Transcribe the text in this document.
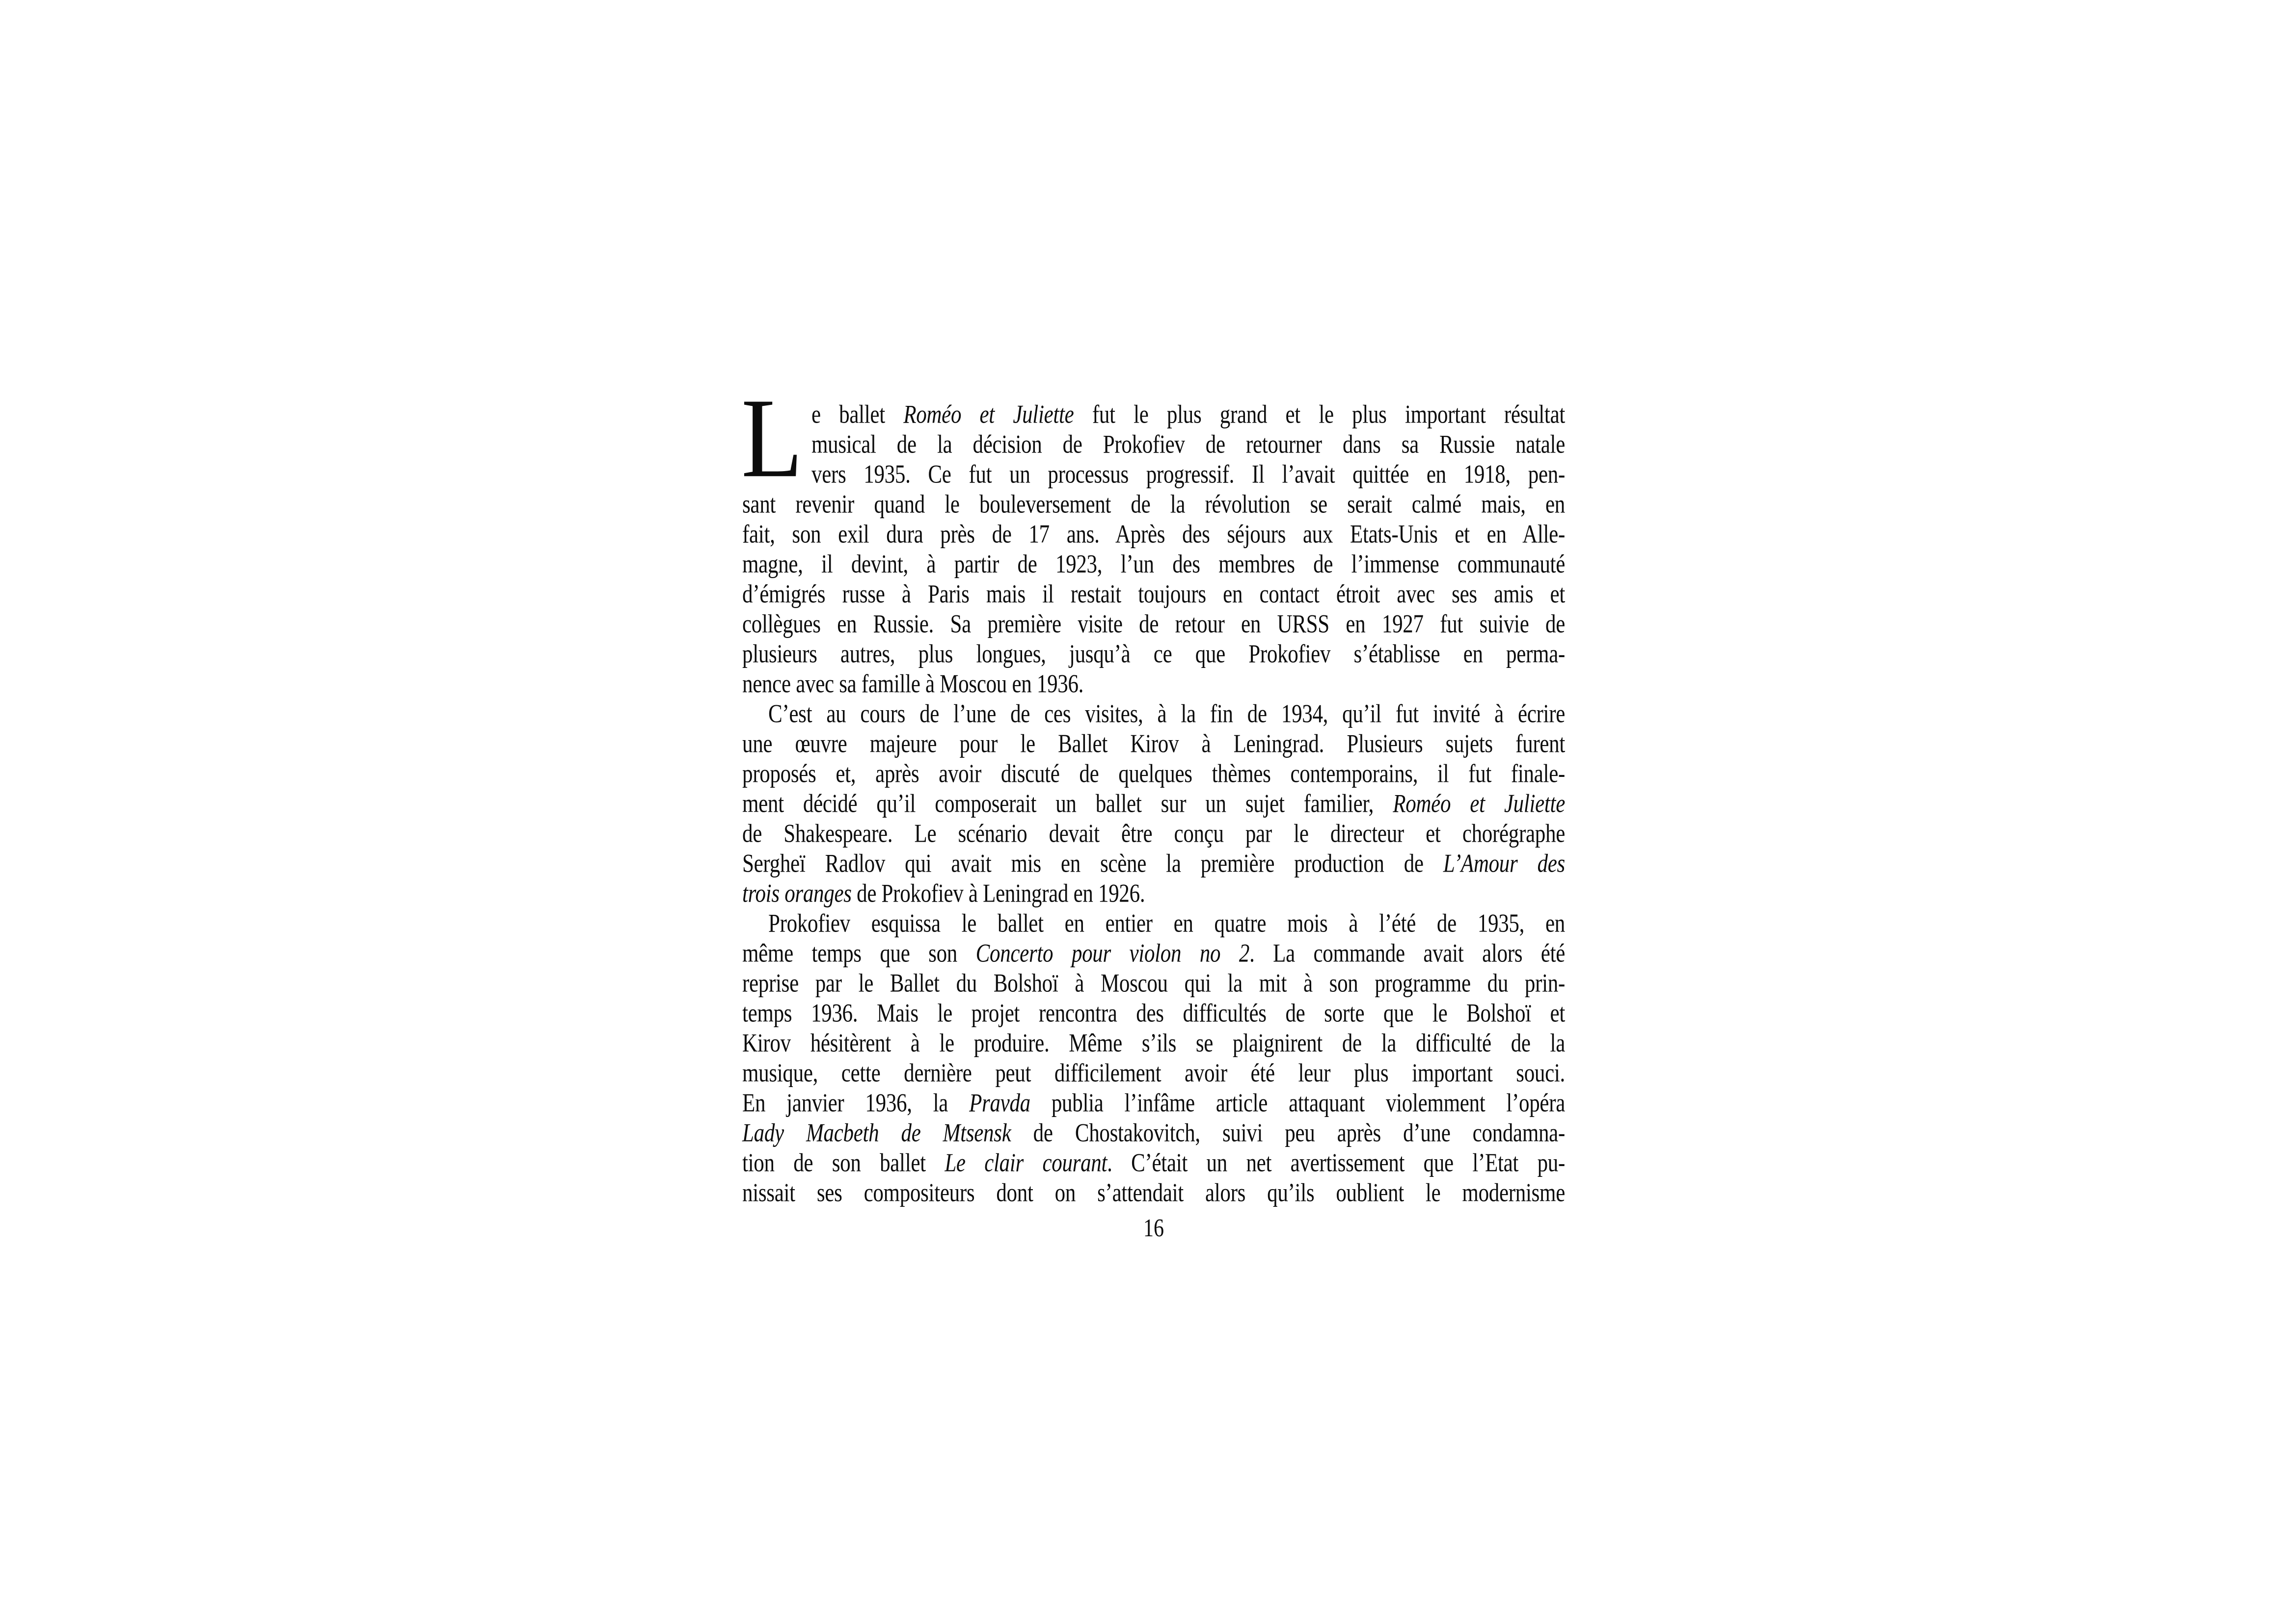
L e ballet Roméo et Juliette fut le plus grand et le plus important résultat
musical de la décision de Prokofiev de retourner dans sa Russie natale
vers 1935. Ce fut un processus progressif. Il l’avait quittée en 1918, pen-
sant revenir quand le bouleversement de la révolution se serait calmé mais, en
fait, son exil dura près de 17 ans. Après des séjours aux Etats-Unis et en Alle-
magne, il devint, à partir de 1923, l’un des membres de l’immense communauté
d’émigrés russe à Paris mais il restait toujours en contact étroit avec ses amis et
collègues en Russie. Sa première visite de retour en URSS en 1927 fut suivie de
plusieurs autres, plus longues, jusqu’à ce que Prokofiev s’établisse en perma-
nence avec sa famille à Moscou en 1936.
C’est au cours de l’une de ces visites, à la fin de 1934, qu’il fut invité à écrire
une œuvre majeure pour le Ballet Kirov à Leningrad. Plusieurs sujets furent
proposés et, après avoir discuté de quelques thèmes contemporains, il fut finale-
ment décidé qu’il composerait un ballet sur un sujet familier, Roméo et Juliette
de Shakespeare. Le scénario devait être conçu par le directeur et chorégraphe
Sergheï Radlov qui avait mis en scène la première production de L’Amour des
trois oranges de Prokofiev à Leningrad en 1926.
Prokofiev esquissa le ballet en entier en quatre mois à l’été de 1935, en
même temps que son Concerto pour violon no 2. La commande avait alors été
reprise par le Ballet du Bolshoï à Moscou qui la mit à son programme du prin-
temps 1936. Mais le projet rencontra des difficultés de sorte que le Bolshoï et
Kirov hésitèrent à le produire. Même s’ils se plaignirent de la difficulté de la
musique, cette dernière peut difficilement avoir été leur plus important souci.
En janvier 1936, la Pravda publia l’infâme article attaquant violemment l’opéra
Lady Macbeth de Mtsensk de Chostakovitch, suivi peu après d’une condamna-
tion de son ballet Le clair courant. C’était un net avertissement que l’Etat pu-
nissait ses compositeurs dont on s’attendait alors qu’ils oublient le modernisme
16
